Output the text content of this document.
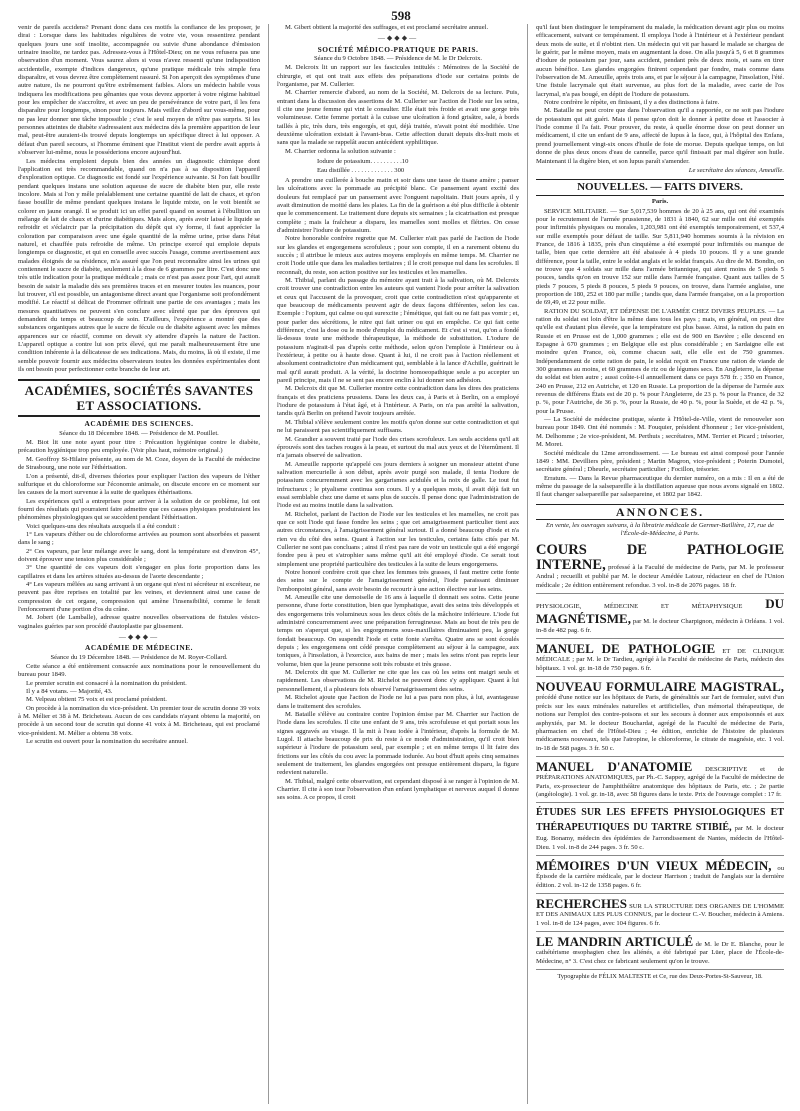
598

venir de pareils accidens? Prenant donc dans ces motifs la confiance de les proposer, je dirai : Lorsque dans les habitudes régulières de votre vie, vous ressentirez pendant quelques jours une soif insolite, accompagnée ou suivie d'une abondance d'émission urinaire insolite, ne tardez pas. Adressez-vous à l'Hôtel-Dieu; on ne vous refusera pas une observation d'un moment. Vous saurez alors si vous n'avez ressenti qu'une indisposition accidentelle, exempte d'indices dangereux, qu'une pratique médicale très simple fera disparaître, et vous devrez être complètement rassuré. Si l'on aperçoit des symptômes d'une autre nature, ils ne pourront qu'être extrêmement faibles. Alors un médecin habile vous indiquera les modifications peu gênantes que vous devrez apporter à votre régime habituel pour les empêcher de s'accroître, et avec un peu de persévérance de votre part, il les fera disparaître pour longtemps, sinon pour toujours. Mais veillez d'abord sur vous-même, pour ne pas leur donner une tâche impossible ; c'est le seul moyen de n'être pas surpris. Si les personnes atteintes de diabète s'adressaient aux médecins dès la première apparition de leur mal, peut-être auraient-ils trouvé depuis longtemps un spécifique direct à lui opposer. A défaut d'un pareil secours, si l'homme éminent que l'Institut vient de perdre avait appris à s'observer lui-même, nous le posséderions encore aujourd'hui.

Les médecins emploient depuis bien des années un diagnostic chimique dont l'application est très recommandable, quand on n'a pas à sa disposition l'appareil d'exploration optique. Ce diagnostic est fondé sur l'expérience suivante. Si l'on fait bouillir pendant quelques instans une solution aqueuse de sucre de diabète bien pur, elle reste incolore. Mais si l'on y mêle préalablement une certaine quantité de lait de chaux, et qu'on fasse bouillir de même pendant quelques instans le liquide mixte, on le voit bientôt se colorer en jaune orangé. Il se produit ici un effet pareil quand on soumet à l'ébullition un mélange de lait de chaux et d'urine diabétiques. Mais alors, après avoir laissé le liquide se refroidir et s'éclaircir par la précipitation du dépôt qui s'y forme, il faut apprécier la coloration par comparaison avec une égale quantité de la même urine, prise dans l'état naturel, et chauffée puis refroidie de même. Un principe exercé qui emploie depuis longtemps ce diagnostic, et qui en conseille avec succès l'usage, comme avertissement aux malades éloignés de sa résidence, m'a assuré que l'on peut reconnaître ainsi les urines qui contiennent le sucre de diabète, seulement à la dose de 6 grammes par litre. C'est donc une très utile indication pour la pratique médicale ; mais ce n'est pas assez pour l'art, qui aurait besoin de saisir la maladie dès ses premières traces et en mesurer toutes les nuances, pour lui trouver, s'il est possible, un antagonisme direct avant que l'organisme soit profondément modifié. Le réactif si délicat de Frommer offrirait une partie de ces avantages ; mais les mesures quantitatives ne peuvent s'en conclure avec sûreté que par des épreuves qui demandent du temps et beaucoup de soin. D'ailleurs, l'expérience a montré que des substances organiques autres que le sucre de fécule ou de diabète agissent avec les mêmes apparences sur ce réactif, comme on devait s'y attendre d'après la nature de l'action. L'appareil optique a contre lui son prix élevé, qui me paraît malheureusement être une condition inhérente à la délicatesse de ses indications. Mais, du moins, là où il existe, il me semble pouvoir fournir aux médecins observateurs toutes les données expérimentales dont ils ont besoin pour perfectionner cette branche de leur art.

ACADÉMIES, SOCIÉTÉS SAVANTES ET ASSOCIATIONS.
ACADÉMIE DES SCIENCES.
Séance du 18 Décembre 1848. — Présidence de M. Pouillet.

M. Biot lit une note ayant pour titre : Précaution hygiénique contre le diabète, précaution hygiénique trop peu employée. (Voir plus haut, mémoire original.)

M. Geoffroy St-Hilaire présente, au nom de M. Coze, doyen de la Faculté de médecine de Strasbourg, une note sur l'éthérisation.

L'on a présenté, dit-il, diverses théories pour expliquer l'action des vapeurs de l'éther sulfurique et du chloroforme sur l'économie animale, on discute encore en ce moment sur les causes de la mort survenue à la suite de quelques éthérisations.

Les expériences qu'il a entreprises pour arriver à la solution de ce problème, lui ont fourni des résultats qui pourraient faire admettre que ces causes physiques produiraient les phénomènes physiologiques qui se succèdent pendant l'éthérisation.

Voici quelques-uns des résultats auxquels il a été conduit :

1° Les vapeurs d'éther ou de chloroforme arrivées au poumon sont absorbées et passent dans le sang ;

2° Ces vapeurs, par leur mélange avec le sang, dont la température est d'environ 45°, doivent éprouver une tension plus considérable ;

3° Une quantité de ces vapeurs doit s'engager en plus forte proportion dans les capillaires et dans les artères situées au-dessus de l'aorte descendante ;

4° Les vapeurs mêlées au sang arrivant à un organe qui n'est ni sécréteur ni excréteur, ne peuvent pas être reprises en totalité par les veines, et deviennent ainsi une cause de compression de cet organe, compression qui amène l'insensibilité, comme le ferait l'enfoncement d'une portion d'os du crâne.

M. Jobert (de Lamballe), adresse quatre nouvelles observations de fistules vésico-vaginales guéries par son procédé d'autoplastie par glissement.

—◆◆◆—
ACADÉMIE DE MÉDECINE.
Séance du 19 Décembre 1848. — Présidence de M. Royer-Collard.

Cette séance a été entièrement consacrée aux nominations pour le renouvellement du bureau pour 1849.

Le premier scrutin est consacré à la nomination du président.

Il y a 84 votans. — Majorité, 43.

M. Velpeau obtient 75 voix et est proclamé président.

On procède à la nomination du vice-président. Un premier tour de scrutin donne 39 voix à M. Mélier et 38 à M. Bricheteau. Aucun de ces candidats n'ayant obtenu la majorité, on procède à un second tour de scrutin qui donne 41 voix à M. Bricheteau, qui est proclamé vice-président. M. Mélier a obtenu 38 voix.

Le scrutin est ouvert pour la nomination du secrétaire annuel.

M. Gibert obtient la majorité des suffrages, et est proclamé secrétaire annuel.

—◆◆◆—
SOCIÉTÉ MÉDICO-PRATIQUE DE PARIS.
Séance du 9 Octobre 1848. — Présidence de M. le Dr Delcroix.

M. Delcroix lit un rapport sur les fascicules intitulés : Mémoires de la Société de chirurgie, et qui ont trait aux effets des préparations d'iode sur certains points de l'organisme, par M. Cullerier.

M. Charrier remercie d'abord, au nom de la Société, M. Delcroix de sa lecture. Puis, entrant dans la discussion des assertions de M. Cullerier sur l'action de l'iode sur les seins, il cite une jeune femme qui vint le consulter. Elle était très froide et avait une gorge très volumineuse. Cette femme portait à la cuisse une ulcération à fond grisâtre, sale, à bords taillés à pic, très durs, très engorgés, et qui, déjà traitée, n'avait point été modifiée. Une deuxième ulcération existait à l'avant-bras. Cette affection durait depuis dix-huit mois et sans que la malade se rappelât aucun antécédent syphilitique.

M. Charrier ordonna la solution suivante :

Iodure de potassium. . . . . . . . . .10
Eau distillée . . . . . . . . . . . . . 300

A prendre une cuillerée à bouche matin et soir dans une tasse de tisane amère ; panser les ulcérations avec la pommade au précipité blanc. Ce pansement ayant excité des douleurs fut remplacé par un pansement avec l'onguent napolitain. Huit jours après, il y avait diminution de moitié dans les plaies. La fin de la guérison a été plus difficile à obtenir que le commencement. Le traitement dure depuis six semaines ; la cicatrisation est presque complète ; mais la fraîcheur a disparu, les mamelles sont molles et flétries. On cesse d'administrer l'iodure de potassium.

Notre honorable confrère regrette que M. Cullerier n'ait pas parlé de l'action de l'iode sur les glandes et engorgemens scrofuleux ; pour son compte, il en a rarement obtenu du succès ; il attribue le mieux aux autres moyens employés en même temps. M. Charrier ne croit l'iode utile que dans les maladies tertiaires ; il le croit presque nul dans les scrofules. Il reconnaît, du reste, son action positive sur les testicules et les mamelles.

M. Thibial, parlant du passage du mémoire ayant trait à la salivation, où M. Delcroix croit trouver une contradiction entre les auteurs qui vantent l'iode pour arrêter la salivation et ceux qui l'accusent de la provoquer, croit que cette contradiction n'est qu'apparente et que beaucoup de médicaments peuvent agir de deux façons différentes, selon les cas. Exemple : l'opium, qui calme ou qui surexcite ; l'émétique, qui fait ou ne fait pas vomir ; et, pour parler des sécrétions, le nitre qui fait uriner ou qui en empêche. Ce qui fait cette différence, c'est la dose ou le mode d'emploi du médicament. Et c'est si vrai, qu'on a fondé là-dessus toute une méthode thérapeutique, la méthode de substitution. L'iodure de potassium n'agirait-il pas d'après cette méthode, selon qu'on l'emploie à l'intérieur ou à l'extérieur, à petite ou à haute dose. Quant à lui, il ne croit pas à l'action réellement et absolument contradictoire d'un médicament qui, semblable à la lance d'Achille, guérirait le mal qu'il aurait produit. A la vérité, la doctrine homoeopathique seule a pu accepter un pareil principe, mais il ne se sent pas encore enclin à lui donner son adhésion.

M. Delcroix dit que M. Cullerier montre cette contradiction dans les dires des praticiens français et des praticiens prussiens. Dans les deux cas, à Paris et à Berlin, on a employé l'iodure de potassium à l'état âgé, et à l'intérieur. A Paris, on n'a pas arrêté la salivation, tandis qu'à Berlin on prétend l'avoir toujours arrêtée.

M. Thibial s'élève seulement contre les motifs qu'on donne sur cette contradiction et qui ne lui paraissent pas scientifiquement suffisans.

M. Grandier a souvent traité par l'iode des crises scrofuleux. Les seuls accidens qu'il ait éprouvés sont des taches rouges à la peau, et surtout du mal aux yeux et de l'éternûment. Il n'a jamais observé de salivation.

M. Ameuille rapporte qu'appelé ces jours derniers à soigner un monsieur atteint d'une salivation mercurielle à son début, après avoir purgé son malade, il tenta l'iodure de potassium concurremment avec les gargarismes acidulés et la noix de galle. Le tout fut infructueux ; le ptyalisme continua son cours. Il y a quelques mois, il avait déjà fait un essai semblable chez une dame et sans plus de succès. Il pense donc que l'administration de l'iode est au moins inutile dans la salivation.

M. Richelot, parlant de l'action de l'iode sur les testicules et les mamelles, ne croit pas que ce soit l'iode qui fasse fondre les seins ; que cet amaigrissement particulier tient aux autres circonstances, à l'amaigrissement général surtout. Il a donné beaucoup d'iode et n'a rien vu du côté des seins. Quant à l'action sur les testicules, certains faits cités par M. Cullerier ne sont pas concluans ; ainsi il n'est pas rare de voir un testicule qui a été engorgé fondre peu à peu et s'atrophier sans même qu'il ait été employé d'iode. Ce serait tout simplement une propriété particulière des testicules à la suite de leurs engorgemens.

Notre honoré confrère croit que chez les femmes très grasses, il faut mettre cette fonte des seins sur le compte de l'amaigrissement général, l'iode paraissant diminuer l'embonpoint général, sans avoir besoin de recourir à une action élective sur les seins.

M. Ameuille cite une demoiselle de 16 ans à laquelle il donnait ses soins. Cette jeune personne, d'une forte constitution, bien que lymphatique, avait des seins très développés et des engorgemens très volumineux sous les deux côtés de la mâchoire inférieure. L'iode fut administré concurremment avec une préparation ferrugineuse. Mais au bout de très peu de temps on s'aperçut que, si les engorgemens sous-maxillaires diminuaient peu, la gorge fondait beaucoup. On suspendit l'iode et cette fonte s'arrêta. Quatre ans se sont écoulés depuis ; les engorgemens ont cédé presque complètement au séjour à la campagne, aux toniques, à l'insolation, à l'exercice, aux bains de mer ; mais les seins n'ont pas repris leur volume, bien que la jeune personne soit très robuste et très grasse.

M. Delcroix dit que M. Cullerier ne cite que les cas où les seins ont maigri seuls et rapidement. Les observations de M. Richelot ne peuvent donc s'y appliquer. Quant à lui personnellement, il a plusieurs fois observé l'amaigrissement des seins.

M. Richelot ajoute que l'action de l'iode ne lui a pas paru non plus, à lui, avantageuse dans le traitement des scrofules.

M. Bataille s'élève au contraire contre l'opinion émise par M. Charrier sur l'action de l'iode dans les scrofules. Il cite une enfant de 9 ans, très scrofuleuse et qui portait sous les signes aggravés au visage. Il la mit à l'eau iodée à l'intérieur, d'après la formule de M. Lugol. Il attache beaucoup de prix du reste à ce mode d'administration, qu'il croit bien supérieur à l'iodure de potassium seul, par exemple ; et en même temps il lit faire des frictions sur les côtés du cou avec la pommade iodurée. Au bout d'huit après cinq semaines seulement de traitement, les glandes engorgées ont presque entièrement disparu, la figure redevient naturelle.

M. Thibial, malgré cette observation, est cependant disposé à se ranger à l'opinion de M. Charrier. Il cite à son tour l'observation d'un enfant lymphatique et nerveux auquel il donne ses soins. A ce propos, il croit

qu'il faut bien distinguer le tempérament du malade, la médication devant agir plus ou moins efficacement, suivant ce tempérament. Il employa l'iode à l'intérieur et à l'extérieur pendant deux mois de suite, et il n'obtint rien. Un médecin qui vit par hasard le malade se chargea de le guérir, par le même moyen, mais en augmentant la dose. On alla jusqu'à 5, 6 et 8 grammes d'iodure de potassium par jour, sans accident, pendant près de deux mois, et sans en tirer aucun bénéfice. Les glandes engorgées finirent cependant par fondre, mais comme dans l'observation de M. Ameuille, après trois ans, et par le séjour à la campagne, l'insolation, l'été. Une fistule lacrymale qui était survenue, au plus fort de la maladie, avec carie de l'os lacrymal, n'a pas bougé, en dépit de l'iodure de potassium.

Notre confrère le répète, en finissant, il y a des distinctions à faire.

M. Bataille ne peut croire que dans l'observation qu'il a rapportée, ce ne soit pas l'iodure de potassium qui ait guéri. Mais il pense qu'on doit le donner à petite dose et l'associer à l'iode comme il l'a fait. Pour prouver, du reste, à quelle énorme dose on peut donner un médicament, il cite un enfant de 9 ans, affecté de lupus à la face, qui, à l'hôpital des Enfans, prend journellement vingt-six onces d'huile de foie de morue. Depuis quelque temps, on lui donne de plus deux onces d'eau de cannelle, parce qu'il finissait par mal digérer son huile. Maintenant il la digère bien, et son lupus paraît s'amender.

Le secrétaire des séances, Ameuille.
NOUVELLES. — FAITS DIVERS.
Paris.

SERVICE MILITAIRE. — Sur 5,017,539 hommes de 20 à 25 ans, qui ont été examinés pour le recrutement de l'armée prussienne, de 1831 à 1840, 62 sur mille ont été exemptés pour infirmités physiques ou morales, 1,203,981 ont été exemptés temporairement, et 537,4 sur mille exemptés pour défaut de taille. Sur 5,811,940 hommes soumis à la révision en France, de 1816 à 1835, près d'un cinquième a été exempté pour infirmités ou manque de taille, bien que cette dernière ait été abaissée à 4 pieds 10 pouces. Il y a une grande différence, pour la taille, entre le soldat anglais et le soldat français. Au dire de M. Bondin, on ne trouve que 4 soldats sur mille dans l'armée britannique, qui aient moins de 5 pieds 5 pouces, tandis qu'on en trouve 152 sur mille dans l'armée française. Quant aux tailles de 5 pieds 7 pouces, 5 pieds 8 pouces, 5 pieds 9 pouces, on trouve, dans l'armée anglaise, une proportion de 180, 252 et 180 par mille ; tandis que, dans l'armée française, on a la proportion de 69,49, et 22 pour mille.

RATION DU SOLDAT, ET DÉPENSE DE L'ARMÉE CHEZ DIVERS PEUPLES. — La ration du soldat est loin d'être la même dans tous les pays ; mais, en général, on peut dire qu'elle est d'autant plus élevée, que la température est plus basse. Ainsi, la ration du pain en Russie et en Prusse est de 1,000 grammes ; elle est de 900 en Bavière ; elle descend en Espagne à 670 grammes ; en Belgique elle est plus considérable ; en Sardaigne elle est moindre qu'en France, où, comme chacun sait, elle elle est de 750 grammes. Indépendamment de cette ration de pain, le soldat reçoit en France une ration de viande de 300 grammes au moins, et 60 grammes de riz ou de légumes secs. En Angleterre, la dépense du soldat est bien autre ; aussi coûte-t-il annuellement dans ce pays 578 fr. ; 350 en France, 240 en Prusse, 212 en Autriche, et 120 en Russie. La proportion de la dépense de l'armée aux revenus de différens États est de 20 p. % pour l'Angleterre, de 23 p. % pour la France, de 32 p. %, pour l'Autriche, de 36 p. %, pour la Russie, de 40 p. %, pour la Suède, et de 42 p. %, pour la Prusse.

— La Société de médecine pratique, séante à l'Hôtel-de-Ville, vient de renouveler son bureau pour 1849. Ont été nommés : M. Fouquier, président d'honneur ; 1er vice-président, M. Delhomme ; 2e vice-président, M. Perthuis ; secrétaires, MM. Terrier et Picard ; trésorier, M. Moret.

Société médicale du 12me arrondissement. — Le bureau est ainsi composé pour l'année 1849 : MM. Devilliers père, président ; Martin Magron, vice-président ; Poterin Dumotel, secrétaire général ; Dheurle, secrétaire particulier ; Focillon, trésorier.

Erratum. — Dans la Revue pharmaceutique du dernier numéro, on a mis : Il en a été de même du passage de la salsepareille à la distillation aqueuse que nous avons signalé en 1802. Il faut changer salsepareille par salsepareine, et 1802 par 1842.

ANNONCES.
En vente, les ouvrages suivans, à la librairie médicale de Germer-Baillière, 17, rue de l'École-de-Médecine, à Paris.
COURS DE PATHOLOGIE INTERNE, professé à la Faculté de médecine de Paris, par M. le professeur Andral ; recueilli et publié par M. le docteur Amédée Latour, rédacteur en chef de l'Union médicale ; 2e édition entièrement refondue. 3 vol. in-8 de 2076 pages. 18 fr.
PHYSIOLOGIE, MÉDECINE ET MÉTAPHYSIQUE DU MAGNÉTISME, par M. le docteur Charpignon, médecin à Orléans. 1 vol. in-8 de 482 pag. 6 fr.
MANUEL DE PATHOLOGIE ET DE CLINIQUE MÉDICALE ; par M. le Dr Tardieu, agrégé à la Faculté de médecine de Paris, médecin des hôpitaux. 1 vol. gr. in-18 de 750 pages. 6 fr.
NOUVEAU FORMULAIRE MAGISTRAL, précédé d'une notice sur les hôpitaux de Paris, de généralités sur l'art de formuler, suivi d'un précis sur les eaux minérales naturelles et artificielles, d'un mémorial thérapeutique, de notions sur l'emploi des contre-poisons et sur les secours à donner aux empoisonnés et aux asphyxiés, par M. le docteur Bouchardat, agrégé de la Faculté de médecine de Paris, pharmacien en chef de l'Hôtel-Dieu ; 4e édition, enrichie de l'histoire de plusieurs médicamens nouveaux, tels que l'atropine, le chloroforme, le citrate de magnésie, etc. 1 vol. in-18 de 568 pages. 3 fr. 50 c.
MANUEL D'ANATOMIE DESCRIPTIVE et de PRÉPARATIONS ANATOMIQUES, par Ph.-C. Sappey, agrégé de la Faculté de médecine de Paris, ex-prosecteur de l'amphithéâtre anatomique des hôpitaux de Paris, etc. ; 2e partie (angéiologie). 1 vol. gr. in-18, avec 58 figures dans le texte. Prix de l'ouvrage complet : 17 fr.
ÉTUDES SUR LES EFFETS PHYSIOLOGIQUES ET THÉRAPEUTIQUES DU TARTRE STIBIÉ, par M. le docteur Eug. Bonamy, médecin des épidémies de l'arrondissement de Nantes, médecin de l'Hôtel-Dieu. 1 vol. in-8 de 244 pages. 3 fr. 50 c.
MÉMOIRES D'UN VIEUX MÉDECIN, ou Épisode de la carrière médicale, par le docteur Harrison ; traduit de l'anglais sur la dernière édition. 2 vol. in-12 de 1358 pages. 6 fr.
RECHERCHES SUR LA STRUCTURE DES ORGANES DE L'HOMME ET DES ANIMAUX LES PLUS CONNUS, par le docteur C.-V. Boucher, médecin à Amiens. 1 vol. in-8 de 124 pages, avec 104 figures. 6 fr.
LE MANDRIN ARTICULÉ de M. le Dr E. Blanche, pour le cathétérisme œsophagien chez les aliénés, a été fabriqué par Lüer, place de l'École-de-Médecine, n° 3. C'est chez ce fabricant seulement qu'on le trouve.
Typographie de FÉLIX MALTESTE et Ce, rue des Deux-Portes-St-Sauveur, 18.
